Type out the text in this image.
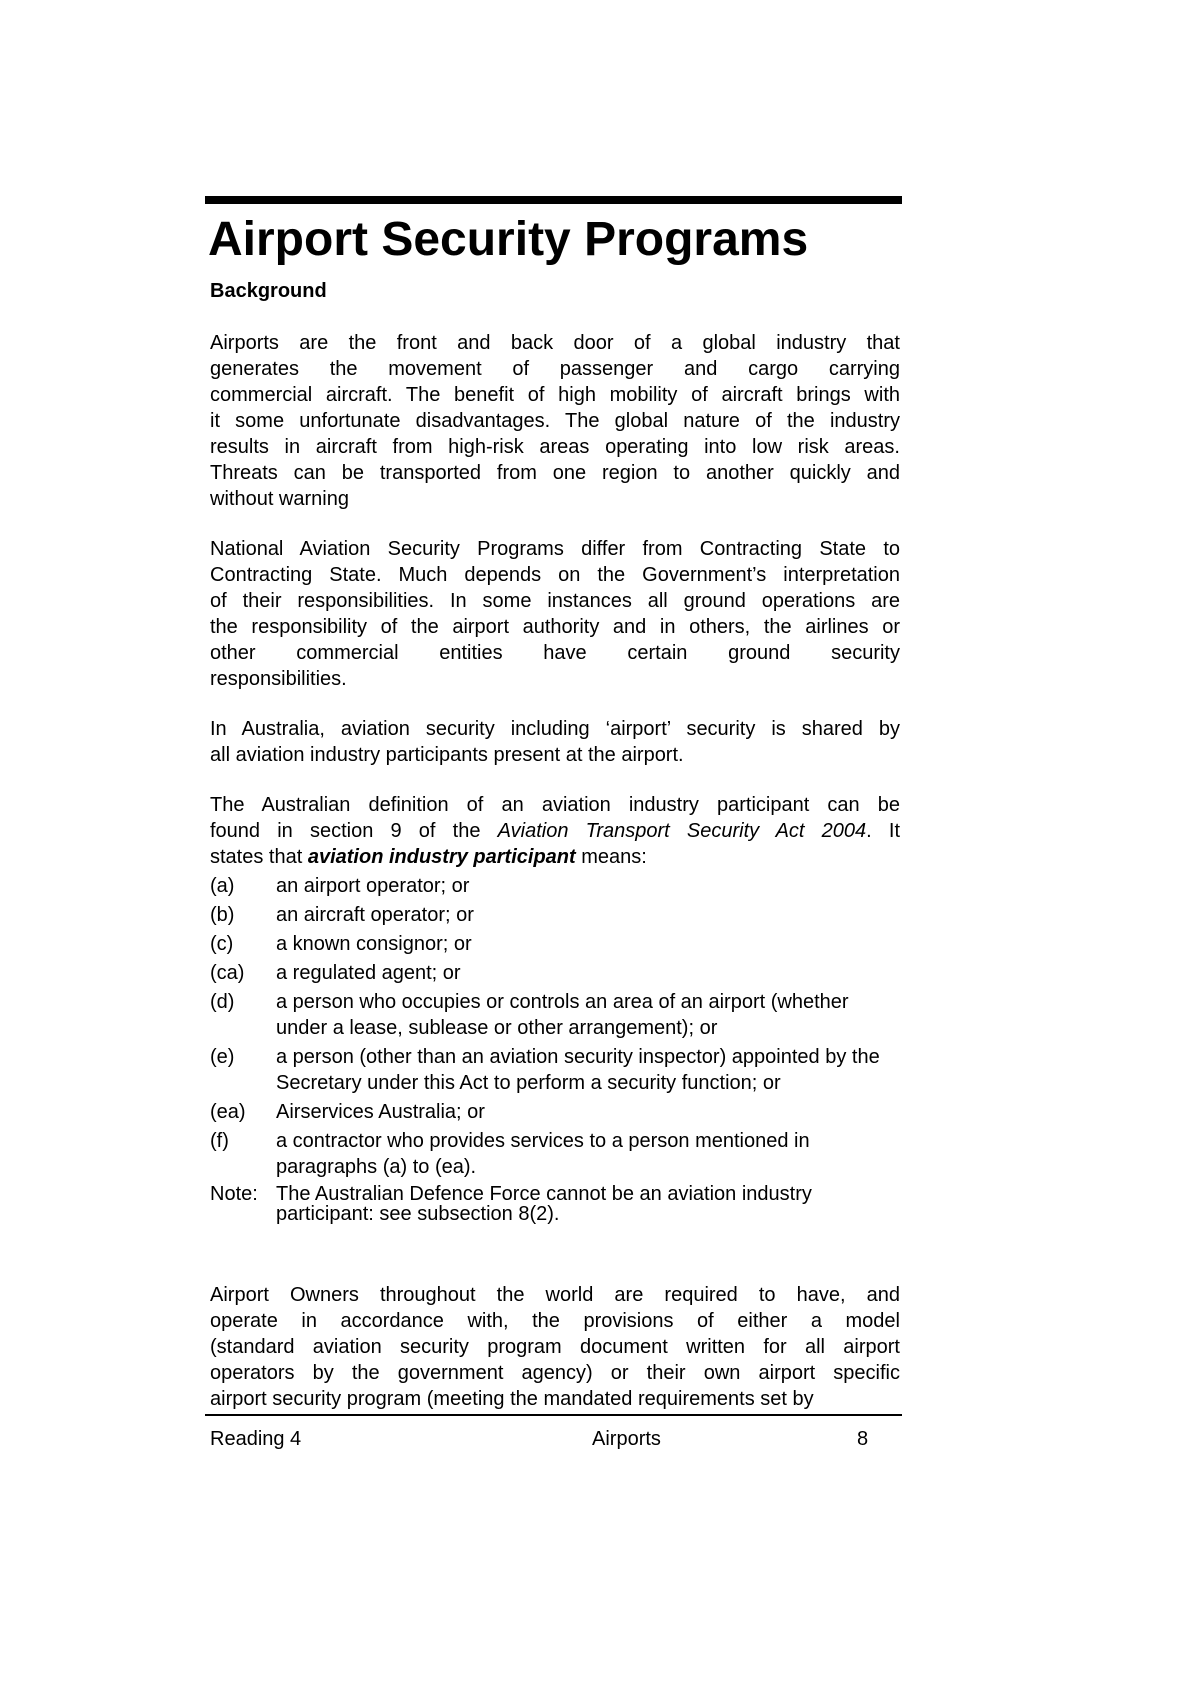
Airport Security Programs
Background
Airports are the front and back door of a global industry that
generates the movement of passenger and cargo carrying
commercial aircraft. The benefit of high mobility of aircraft brings with
it some unfortunate disadvantages. The global nature of the industry
results in aircraft from high-risk areas operating into low risk areas.
Threats can be transported from one region to another quickly and
without warning
National Aviation Security Programs differ from Contracting State to
Contracting State. Much depends on the Government’s interpretation
of their responsibilities. In some instances all ground operations are
the responsibility of the airport authority and in others, the airlines or
other commercial entities have certain ground security
responsibilities.
In Australia, aviation security including ‘airport’ security is shared by
all aviation industry participants present at the airport.
The Australian definition of an aviation industry participant can be
found in section 9 of the Aviation Transport Security Act 2004. It
states that aviation industry participant means:
(a)	an airport operator; or
(b)	an aircraft operator; or
(c)	a known consignor; or
(ca)	a regulated agent; or
(d)	a person who occupies or controls an area of an airport (whether under a lease, sublease or other arrangement); or
(e)	a person (other than an aviation security inspector) appointed by the Secretary under this Act to perform a security function; or
(ea)	Airservices Australia; or
(f)	a contractor who provides services to a person mentioned in paragraphs (a) to (ea).
Note: The Australian Defence Force cannot be an aviation industry participant: see subsection 8(2).
Airport Owners throughout the world are required to have, and
operate in accordance with, the provisions of either a model
(standard aviation security program document written for all airport
operators by the government agency) or their own airport specific
airport security program (meeting the mandated requirements set by
Reading 4	Airports	8
